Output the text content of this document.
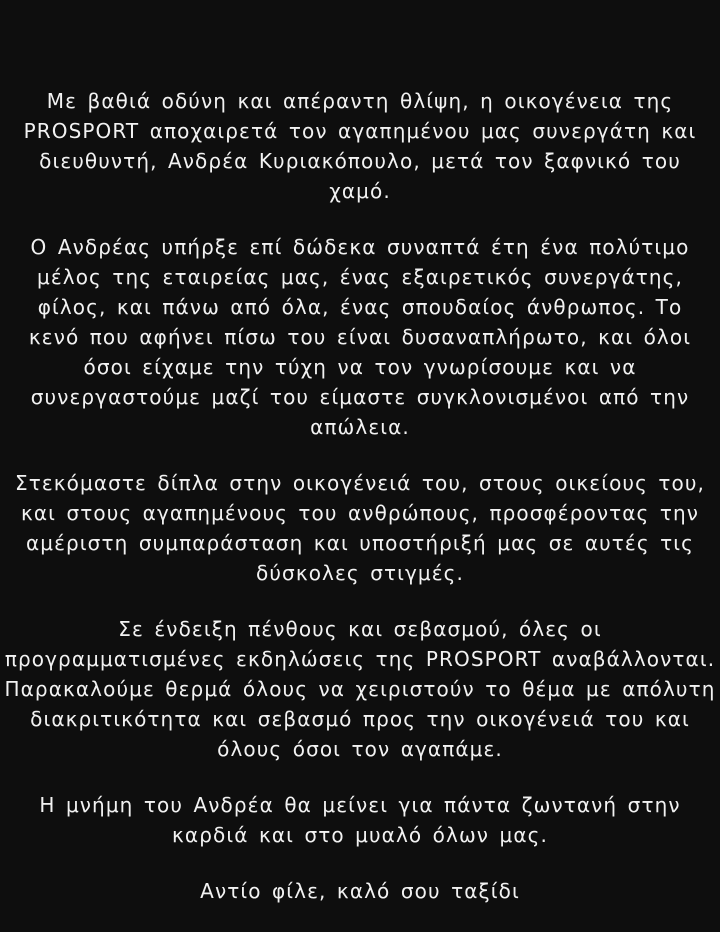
Με βαθιά οδύνη και απέραντη θλίψη, η οικογένεια της
PROSPORT αποχαιρετά τον αγαπημένου μας συνεργάτη και
διευθυντή, Ανδρέα Κυριακόπουλο, μετά τον ξαφνικό του
χαμό.
Ο Ανδρέας υπήρξε επί δώδεκα συναπτά έτη ένα πολύτιμο
μέλος της εταιρείας μας, ένας εξαιρετικός συνεργάτης,
φίλος, και πάνω από όλα, ένας σπουδαίος άνθρωπος. Το
κενό που αφήνει πίσω του είναι δυσαναπλήρωτο, και όλοι
όσοι είχαμε την τύχη να τον γνωρίσουμε και να
συνεργαστούμε μαζί του είμαστε συγκλονισμένοι από την
απώλεια.
Στεκόμαστε δίπλα στην οικογένειά του, στους οικείους του,
και στους αγαπημένους του ανθρώπους, προσφέροντας την
αμέριστη συμπαράσταση και υποστήριξή μας σε αυτές τις
δύσκολες στιγμές.
Σε ένδειξη πένθους και σεβασμού, όλες οι
προγραμματισμένες εκδηλώσεις της PROSPORT αναβάλλονται.
Παρακαλούμε θερμά όλους να χειριστούν το θέμα με απόλυτη
διακριτικότητα και σεβασμό προς την οικογένειά του και
όλους όσοι τον αγαπάμε.
Η μνήμη του Ανδρέα θα μείνει για πάντα ζωντανή στην
καρδιά και στο μυαλό όλων μας.
Αντίο φίλε, καλό σου ταξίδι
